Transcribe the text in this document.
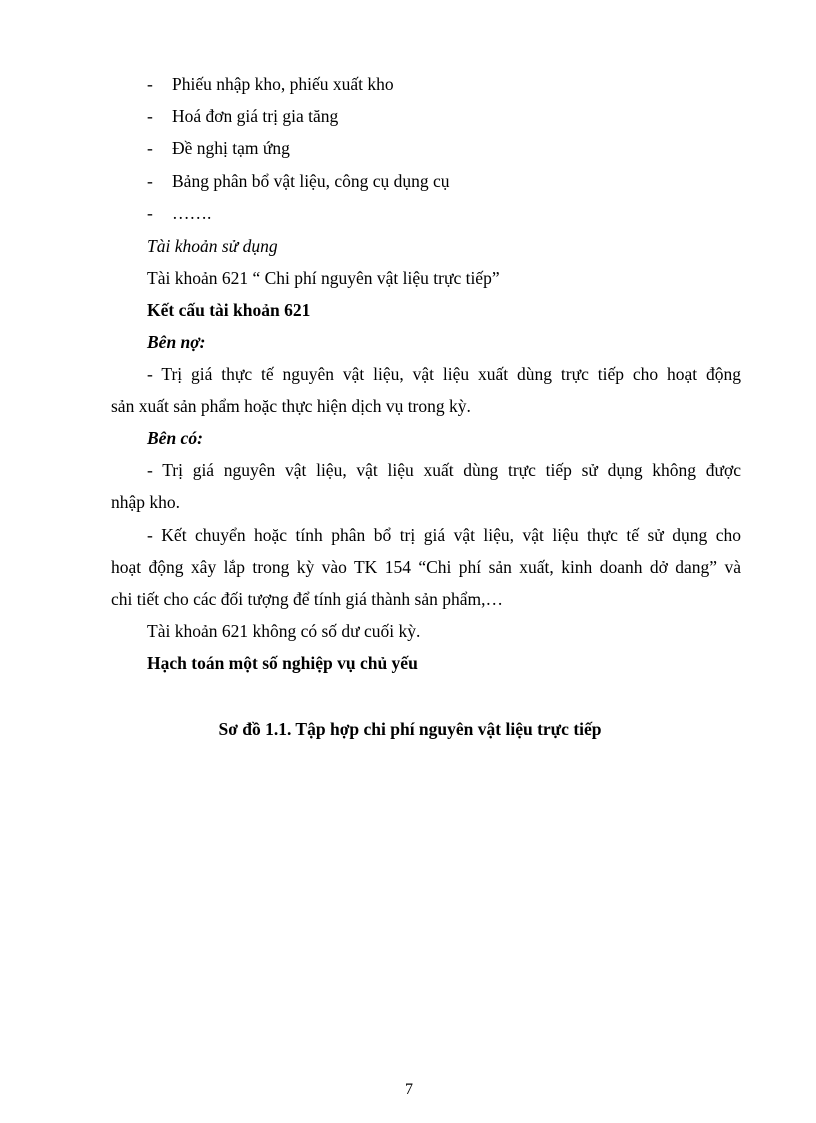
- Phiếu nhập kho, phiếu xuất kho
- Hoá đơn giá trị gia tăng
- Đề nghị tạm ứng
- Bảng phân bổ vật liệu, công cụ dụng cụ
- …….
Tài khoản sử dụng
Tài khoản 621 “ Chi phí nguyên vật liệu trực tiếp”
Kết cấu tài khoản 621
Bên nợ:
- Trị giá thực tế nguyên vật liệu, vật liệu xuất dùng trực tiếp cho hoạt động
sản xuất sản phẩm hoặc thực hiện dịch vụ trong kỳ.
Bên có:
- Trị giá nguyên vật liệu, vật liệu xuất dùng trực tiếp sử dụng không được
nhập kho.
- Kết chuyển hoặc tính phân bổ trị giá vật liệu, vật liệu thực tế sử dụng cho
hoạt động xây lắp trong kỳ vào TK 154 “Chi phí sản xuất, kinh doanh dở dang” và
chi tiết cho các đối tượng để tính giá thành sản phẩm,…
Tài khoản 621 không có số dư cuối kỳ.
Hạch toán một số nghiệp vụ chủ yếu
Sơ đồ 1.1. Tập hợp chi phí nguyên vật liệu trực tiếp
7
